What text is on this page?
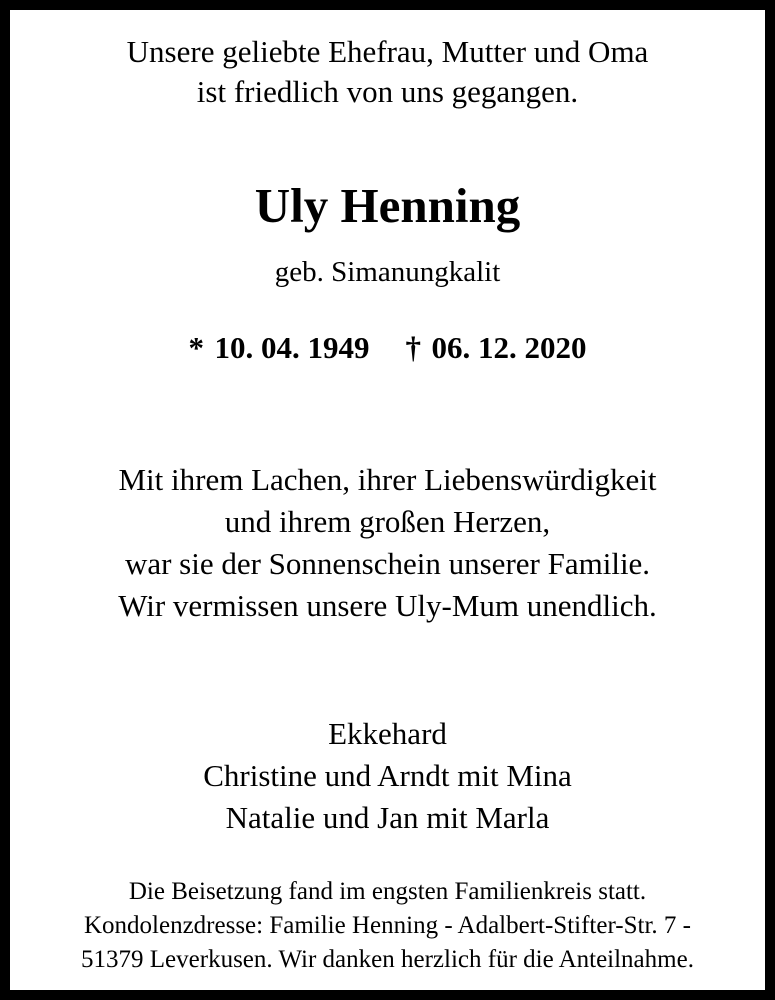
Unsere geliebte Ehefrau, Mutter und Oma
ist friedlich von uns gegangen.
Uly Henning
geb. Simanungkalit
* 10. 04. 1949 † 06. 12. 2020
Mit ihrem Lachen, ihrer Liebenswürdigkeit
und ihrem großen Herzen,
war sie der Sonnenschein unserer Familie.
Wir vermissen unsere Uly-Mum unendlich.
Ekkehard
Christine und Arndt mit Mina
Natalie und Jan mit Marla
Die Beisetzung fand im engsten Familienkreis statt.
Kondolenzdresse: Familie Henning - Adalbert-Stifter-Str. 7 -
51379 Leverkusen. Wir danken herzlich für die Anteilnahme.
